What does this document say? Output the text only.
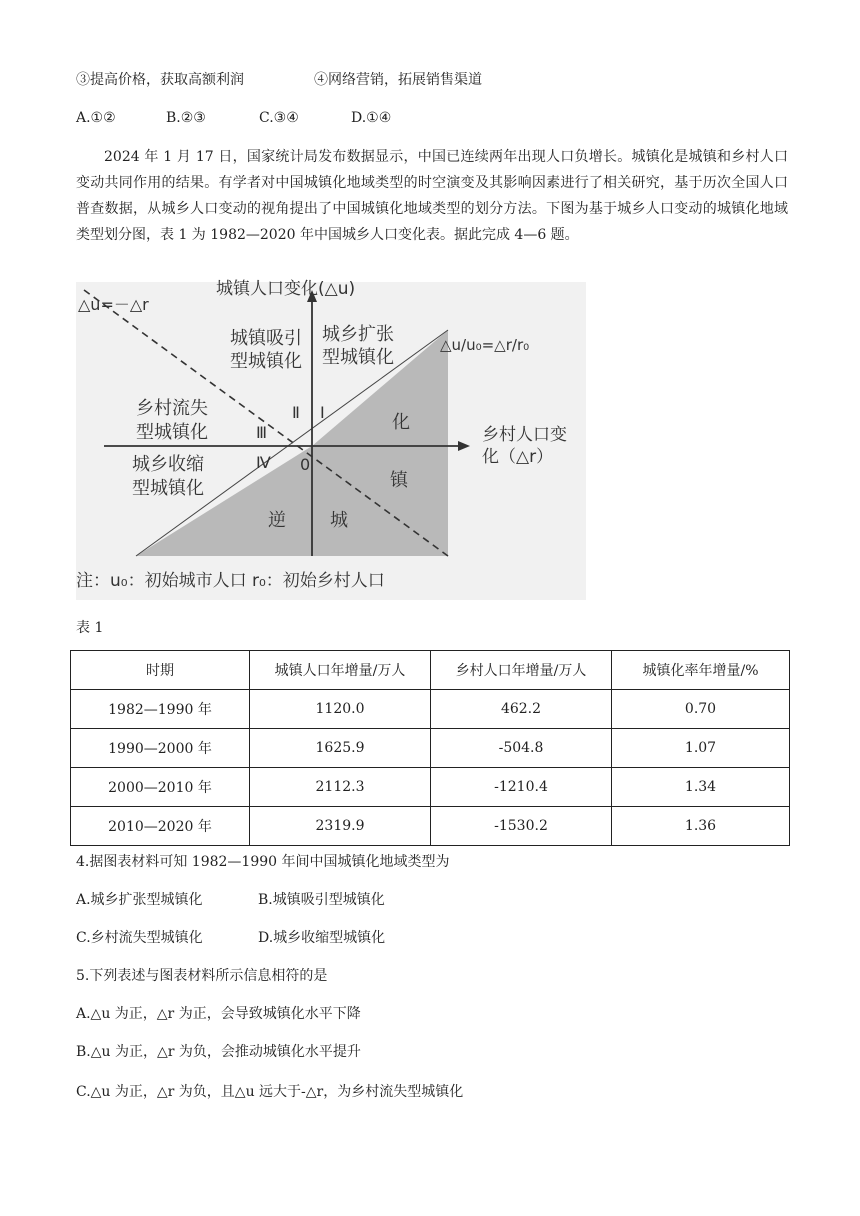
③提高价格，获取高额利润	④网络营销，拓展销售渠道
A.①②	B.②③	C.③④	D.①④
2024 年 1 月 17 日，国家统计局发布数据显示，中国已连续两年出现人口负增长。城镇化是城镇和乡村人口变动共同作用的结果。有学者对中国城镇化地域类型的时空演变及其影响因素进行了相关研究，基于历次全国人口普查数据，从城乡人口变动的视角提出了中国城镇化地域类型的划分方法。下图为基于城乡人口变动的城镇化地域类型划分图，表 1 为 1982—2020 年中国城乡人口变化表。据此完成 4—6 题。
城镇人口变化(△u)
△u=－△r
△u/u₀=△r/r₀
城乡扩张
型城镇化
城镇吸引
型城镇化
乡村流失
型城镇化
城乡收缩
型城镇化
Ⅰ
Ⅱ
Ⅲ
Ⅳ 0
化
镇
城
逆
乡村人口变
化（△r）
注：u₀：初始城市人口 r₀：初始乡村人口
表 1
时期	城镇人口年增量/万人	乡村人口年增量/万人	城镇化率年增量/%
1982—1990 年	1120.0	462.2	0.70
1990—2000 年	1625.9	-504.8	1.07
2000—2010 年	2112.3	-1210.4	1.34
2010—2020 年	2319.9	-1530.2	1.36
4.据图表材料可知 1982—1990 年间中国城镇化地域类型为
A.城乡扩张型城镇化	B.城镇吸引型城镇化
C.乡村流失型城镇化	D.城乡收缩型城镇化
5.下列表述与图表材料所示信息相符的是
A.△u 为正，△r 为正，会导致城镇化水平下降
B.△u 为正，△r 为负，会推动城镇化水平提升
C.△u 为正，△r 为负，且△u 远大于-△r，为乡村流失型城镇化
